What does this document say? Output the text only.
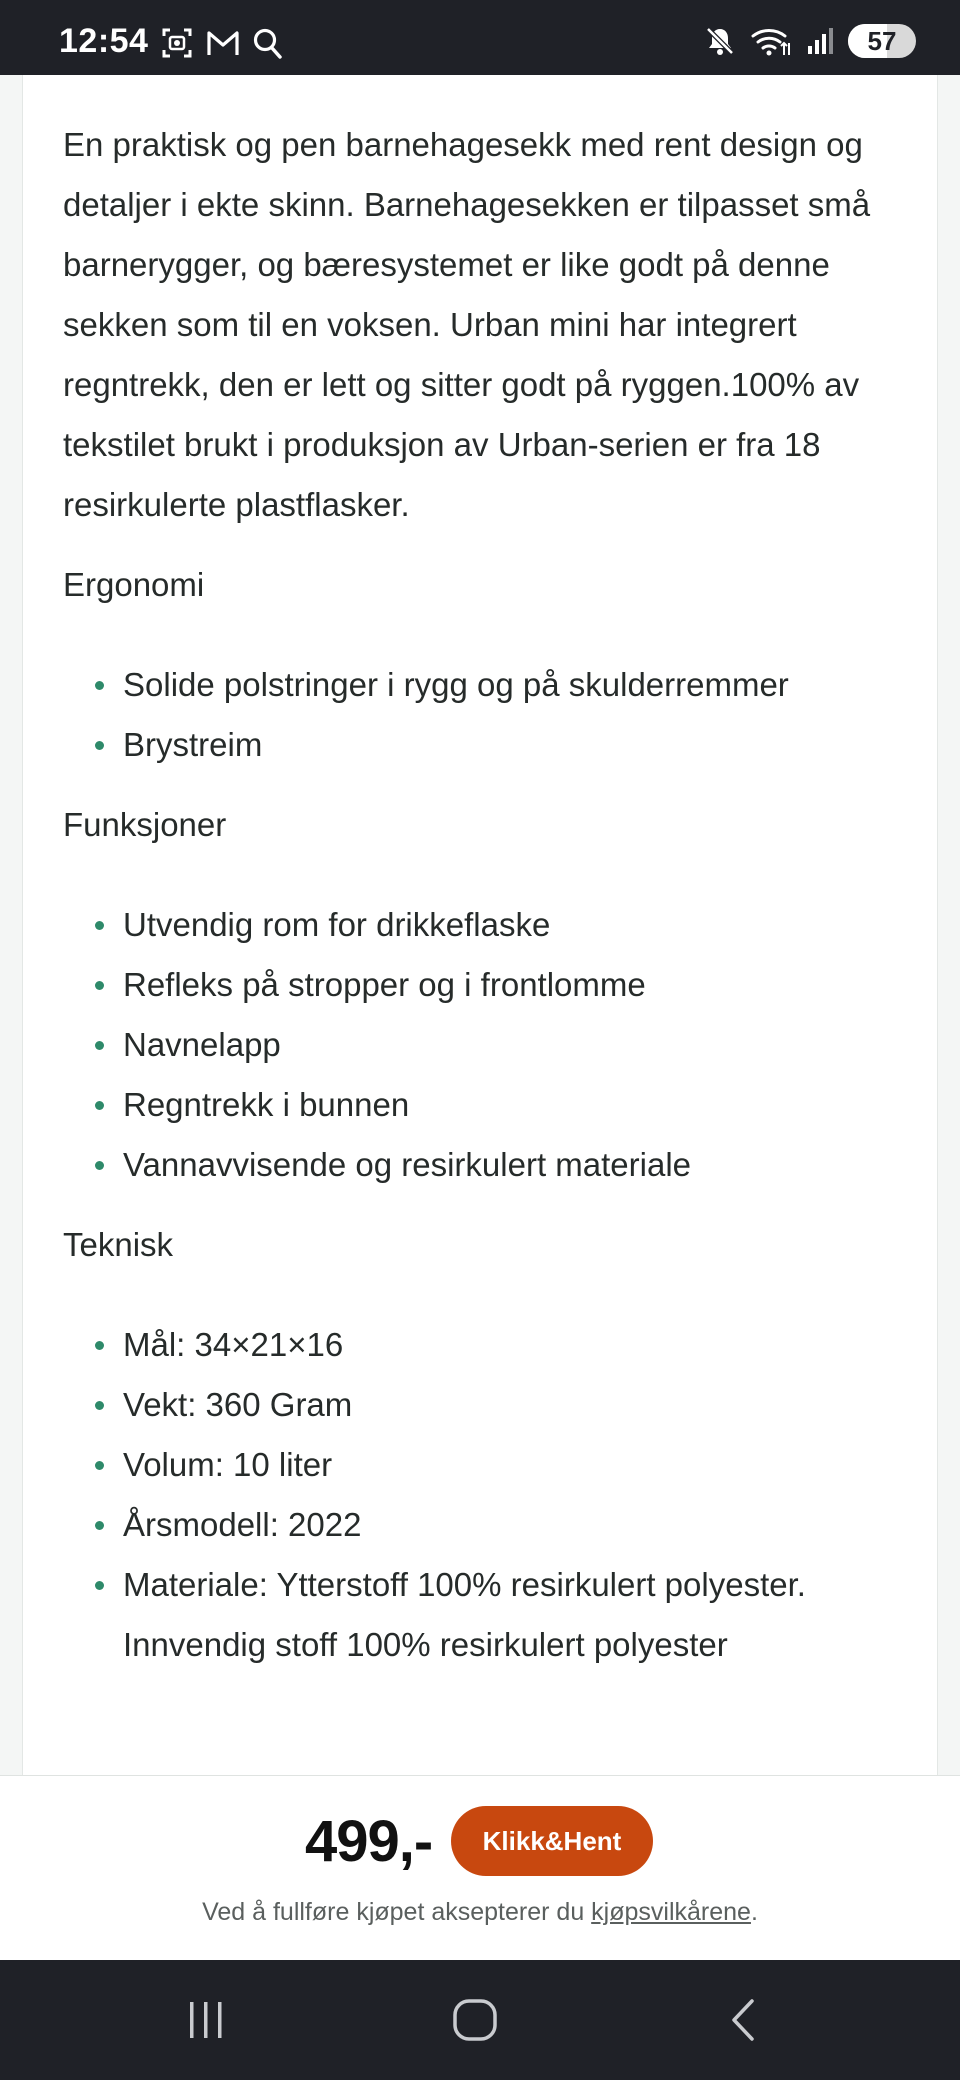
12:54	57

En praktisk og pen barnehagesekk med rent design og detaljer i ekte skinn. Barnehagesekken er tilpasset små barnerygger, og bæresystemet er like godt på denne sekken som til en voksen. Urban mini har integrert regntrekk, den er lett og sitter godt på ryggen.100% av tekstilet brukt i produksjon av Urban-serien er fra 18 resirkulerte plastflasker.

Ergonomi
Solide polstringer i rygg og på skulderremmer
Brystreim
Funksjoner
Utvendig rom for drikkeflaske
Refleks på stropper og i frontlomme
Navnelapp
Regntrekk i bunnen
Vannavvisende og resirkulert materiale
Teknisk
Mål: 34×21×16
Vekt: 360 Gram
Volum: 10 liter
Årsmodell: 2022
Materiale: Ytterstoff 100% resirkulert polyester. Innvendig stoff 100% resirkulert polyester
499,-	Klikk&Hent
Ved å fullføre kjøpet aksepterer du kjøpsvilkårene.
